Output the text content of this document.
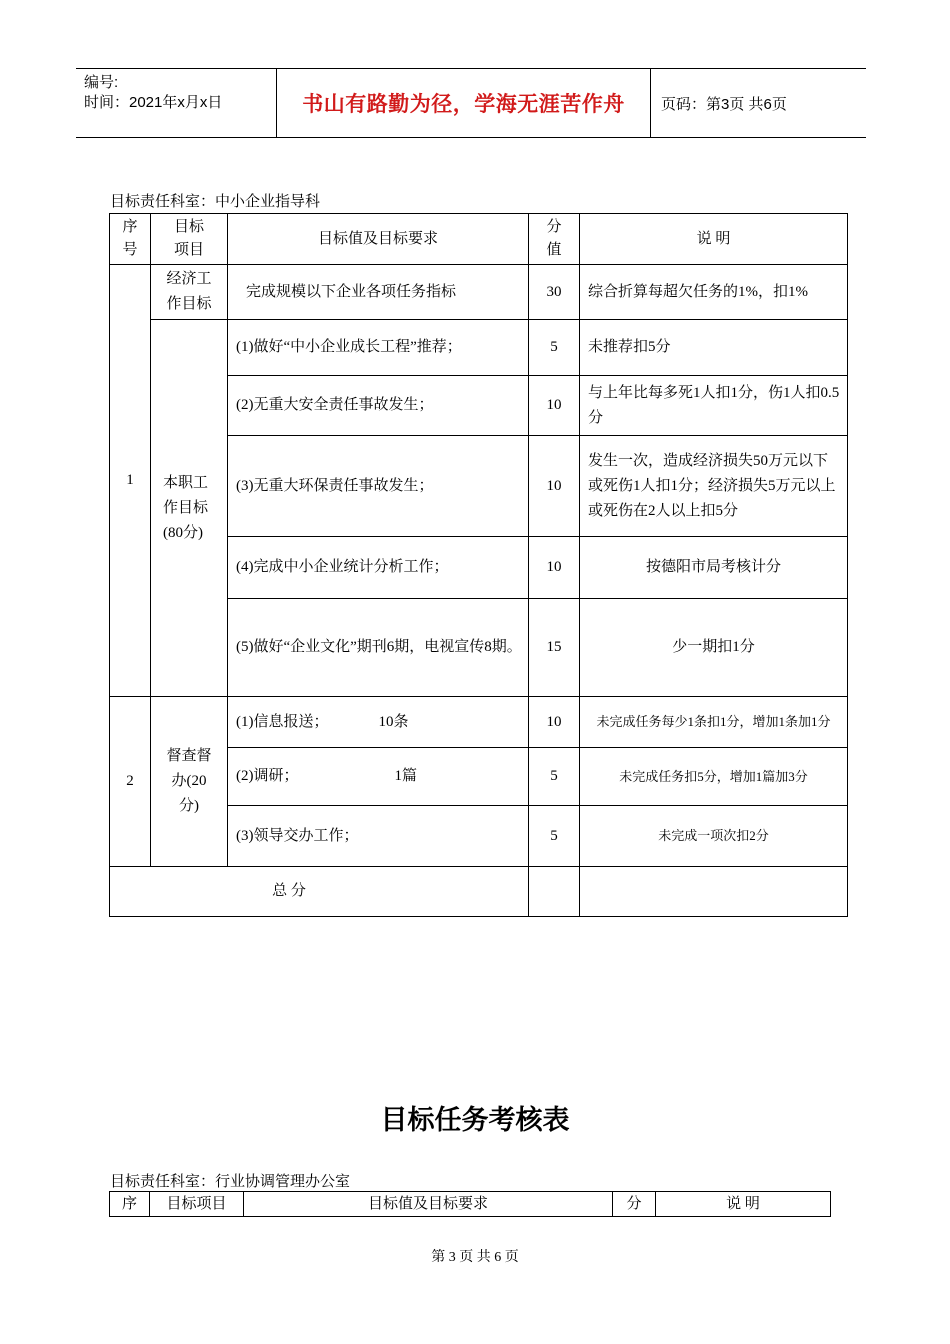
编号:
时间：2021年x月x日	书山有路勤为径，学海无涯苦作舟 页码：第3页 共6页
目标责任科室：中小企业指导科
序号	目标项目	目标值及目标要求	分值	说 明
1	经济工作目标	完成规模以下企业各项任务指标	30	综合折算每超欠任务的1%，扣1%

	本职工作目标(80分)	(1)做好“中小企业成长工程”推荐；	5	未推荐扣5分
		(2)无重大安全责任事故发生；	10	与上年比每多死1人扣1分，伤1人扣0.5分
		(3)无重大环保责任事故发生；	10	发生一次，造成经济损失50万元以下或死伤1人扣1分；经济损失5万元以上或死伤在2人以上扣5分
		(4)完成中小企业统计分析工作；	10	按德阳市局考核计分
		(5)做好“企业文化”期刊6期，电视宣传8期。	15	少一期扣1分
2	督查督办(20分)	(1)信息报送； 10条	10	未完成任务每少1条扣1分，增加1条加1分
		(2)调研； 1篇	5	未完成任务扣5分，增加1篇加3分
		(3)领导交办工作；	5	未完成一项次扣2分
总 分				
目标任务考核表
目标责任科室：行业协调管理办公室
序	目标项目	目标值及目标要求	分	说 明
第 3 页 共 6 页
